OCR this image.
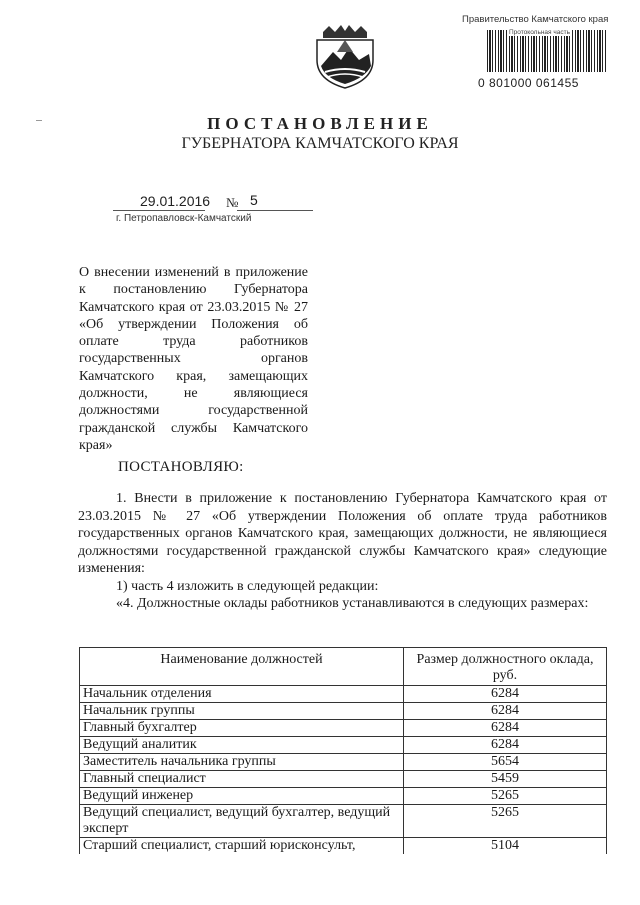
Правительство Камчатского края
Протокольная часть
0 801000 061455
ПОСТАНОВЛЕНИЕ
ГУБЕРНАТОРА КАМЧАТСКОГО КРАЯ
29.01.2016 № 5
г. Петропавловск-Камчатский
О внесении изменений в приложение к постановлению Губернатора Камчатского края от 23.03.2015 № 27 «Об утверждении Положения об оплате труда работников государственных органов Камчатского края, замещающих должности, не являющиеся должностями государственной гражданской службы Камчатского края»
ПОСТАНОВЛЯЮ:

1. Внести в приложение к постановлению Губернатора Камчатского края от 23.03.2015 № 27 «Об утверждении Положения об оплате труда работников государственных органов Камчатского края, замещающих должности, не являющиеся должностями государственной гражданской службы Камчатского края» следующие изменения:

1) часть 4 изложить в следующей редакции:

«4. Должностные оклады работников устанавливаются в следующих размерах:

Наименование должностей	Размер должностного оклада, руб.
Начальник отделения	6284
Начальник группы	6284
Главный бухгалтер	6284
Ведущий аналитик	6284
Заместитель начальника группы	5654
Главный специалист	5459
Ведущий инженер	5265
Ведущий специалист, ведущий бухгалтер, ведущий эксперт	5265
Старший специалист, старший юрисконсульт,	5104
